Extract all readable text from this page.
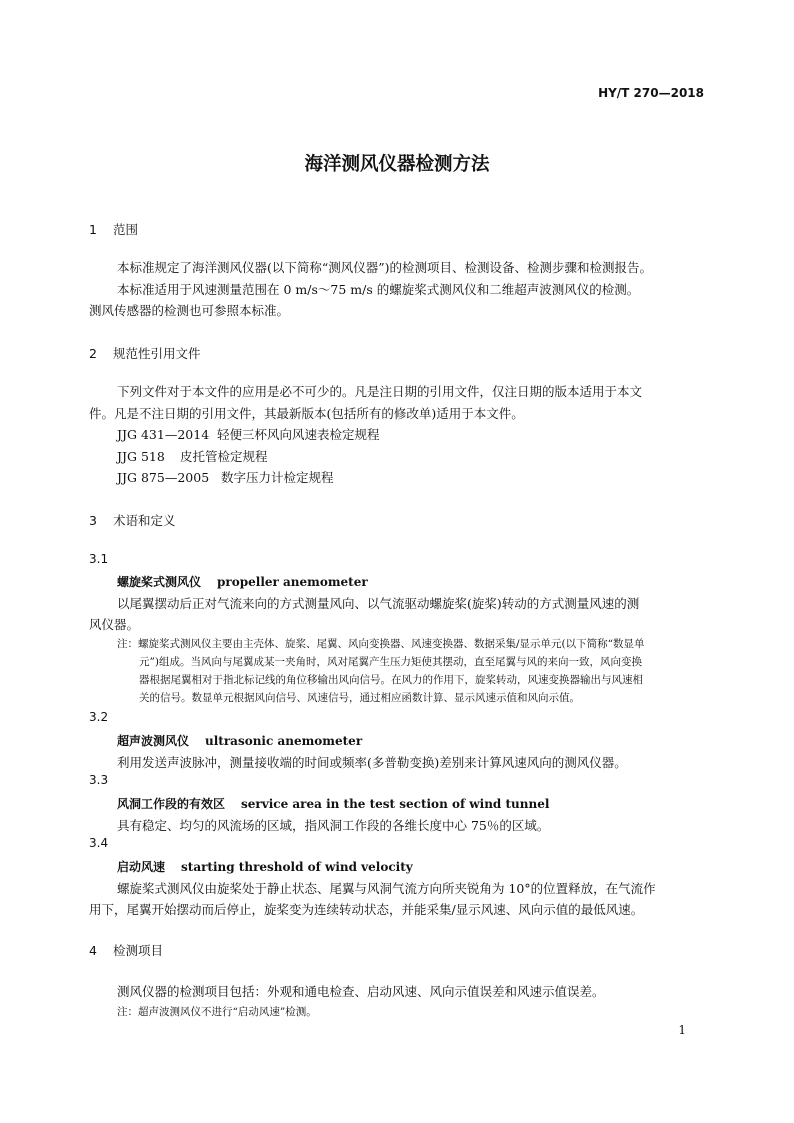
HY/T 270—2018
海洋测风仪器检测方法
1 范围
本标准规定了海洋测风仪器(以下简称“测风仪器”)的检测项目、检测设备、检测步骤和检测报告。
本标准适用于风速测量范围在 0 m/s～75 m/s 的螺旋桨式测风仪和二维超声波测风仪的检测。
测风传感器的检测也可参照本标准。
2 规范性引用文件
下列文件对于本文件的应用是必不可少的。凡是注日期的引用文件，仅注日期的版本适用于本文
件。凡是不注日期的引用文件，其最新版本(包括所有的修改单)适用于本文件。
JJG 431—2014 轻便三杯风向风速表检定规程
JJG 518 皮托管检定规程
JJG 875—2005 数字压力计检定规程
3 术语和定义
3.1
螺旋桨式测风仪 propeller anemometer
以尾翼摆动后正对气流来向的方式测量风向、以气流驱动螺旋桨(旋桨)转动的方式测量风速的测
风仪器。
注：螺旋桨式测风仪主要由主壳体、旋桨、尾翼、风向变换器、风速变换器、数据采集/显示单元(以下简称“数显单
元”)组成。当风向与尾翼成某一夹角时，风对尾翼产生压力矩使其摆动，直至尾翼与风的来向一致，风向变换
器根据尾翼相对于指北标记线的角位移输出风向信号。在风力的作用下，旋桨转动，风速变换器输出与风速相
关的信号。数显单元根据风向信号、风速信号，通过相应函数计算、显示风速示值和风向示值。
3.2
超声波测风仪 ultrasonic anemometer
利用发送声波脉冲，测量接收端的时间或频率(多普勒变换)差别来计算风速风向的测风仪器。
3.3
风洞工作段的有效区 service area in the test section of wind tunnel
具有稳定、均匀的风流场的区域，指风洞工作段的各维长度中心 75％的区域。
3.4
启动风速 starting threshold of wind velocity
螺旋桨式测风仪由旋桨处于静止状态、尾翼与风洞气流方向所夹锐角为 10°的位置释放，在气流作
用下，尾翼开始摆动而后停止，旋桨变为连续转动状态，并能采集/显示风速、风向示值的最低风速。
4 检测项目
测风仪器的检测项目包括：外观和通电检查、启动风速、风向示值误差和风速示值误差。
注：超声波测风仪不进行“启动风速”检测。
1
